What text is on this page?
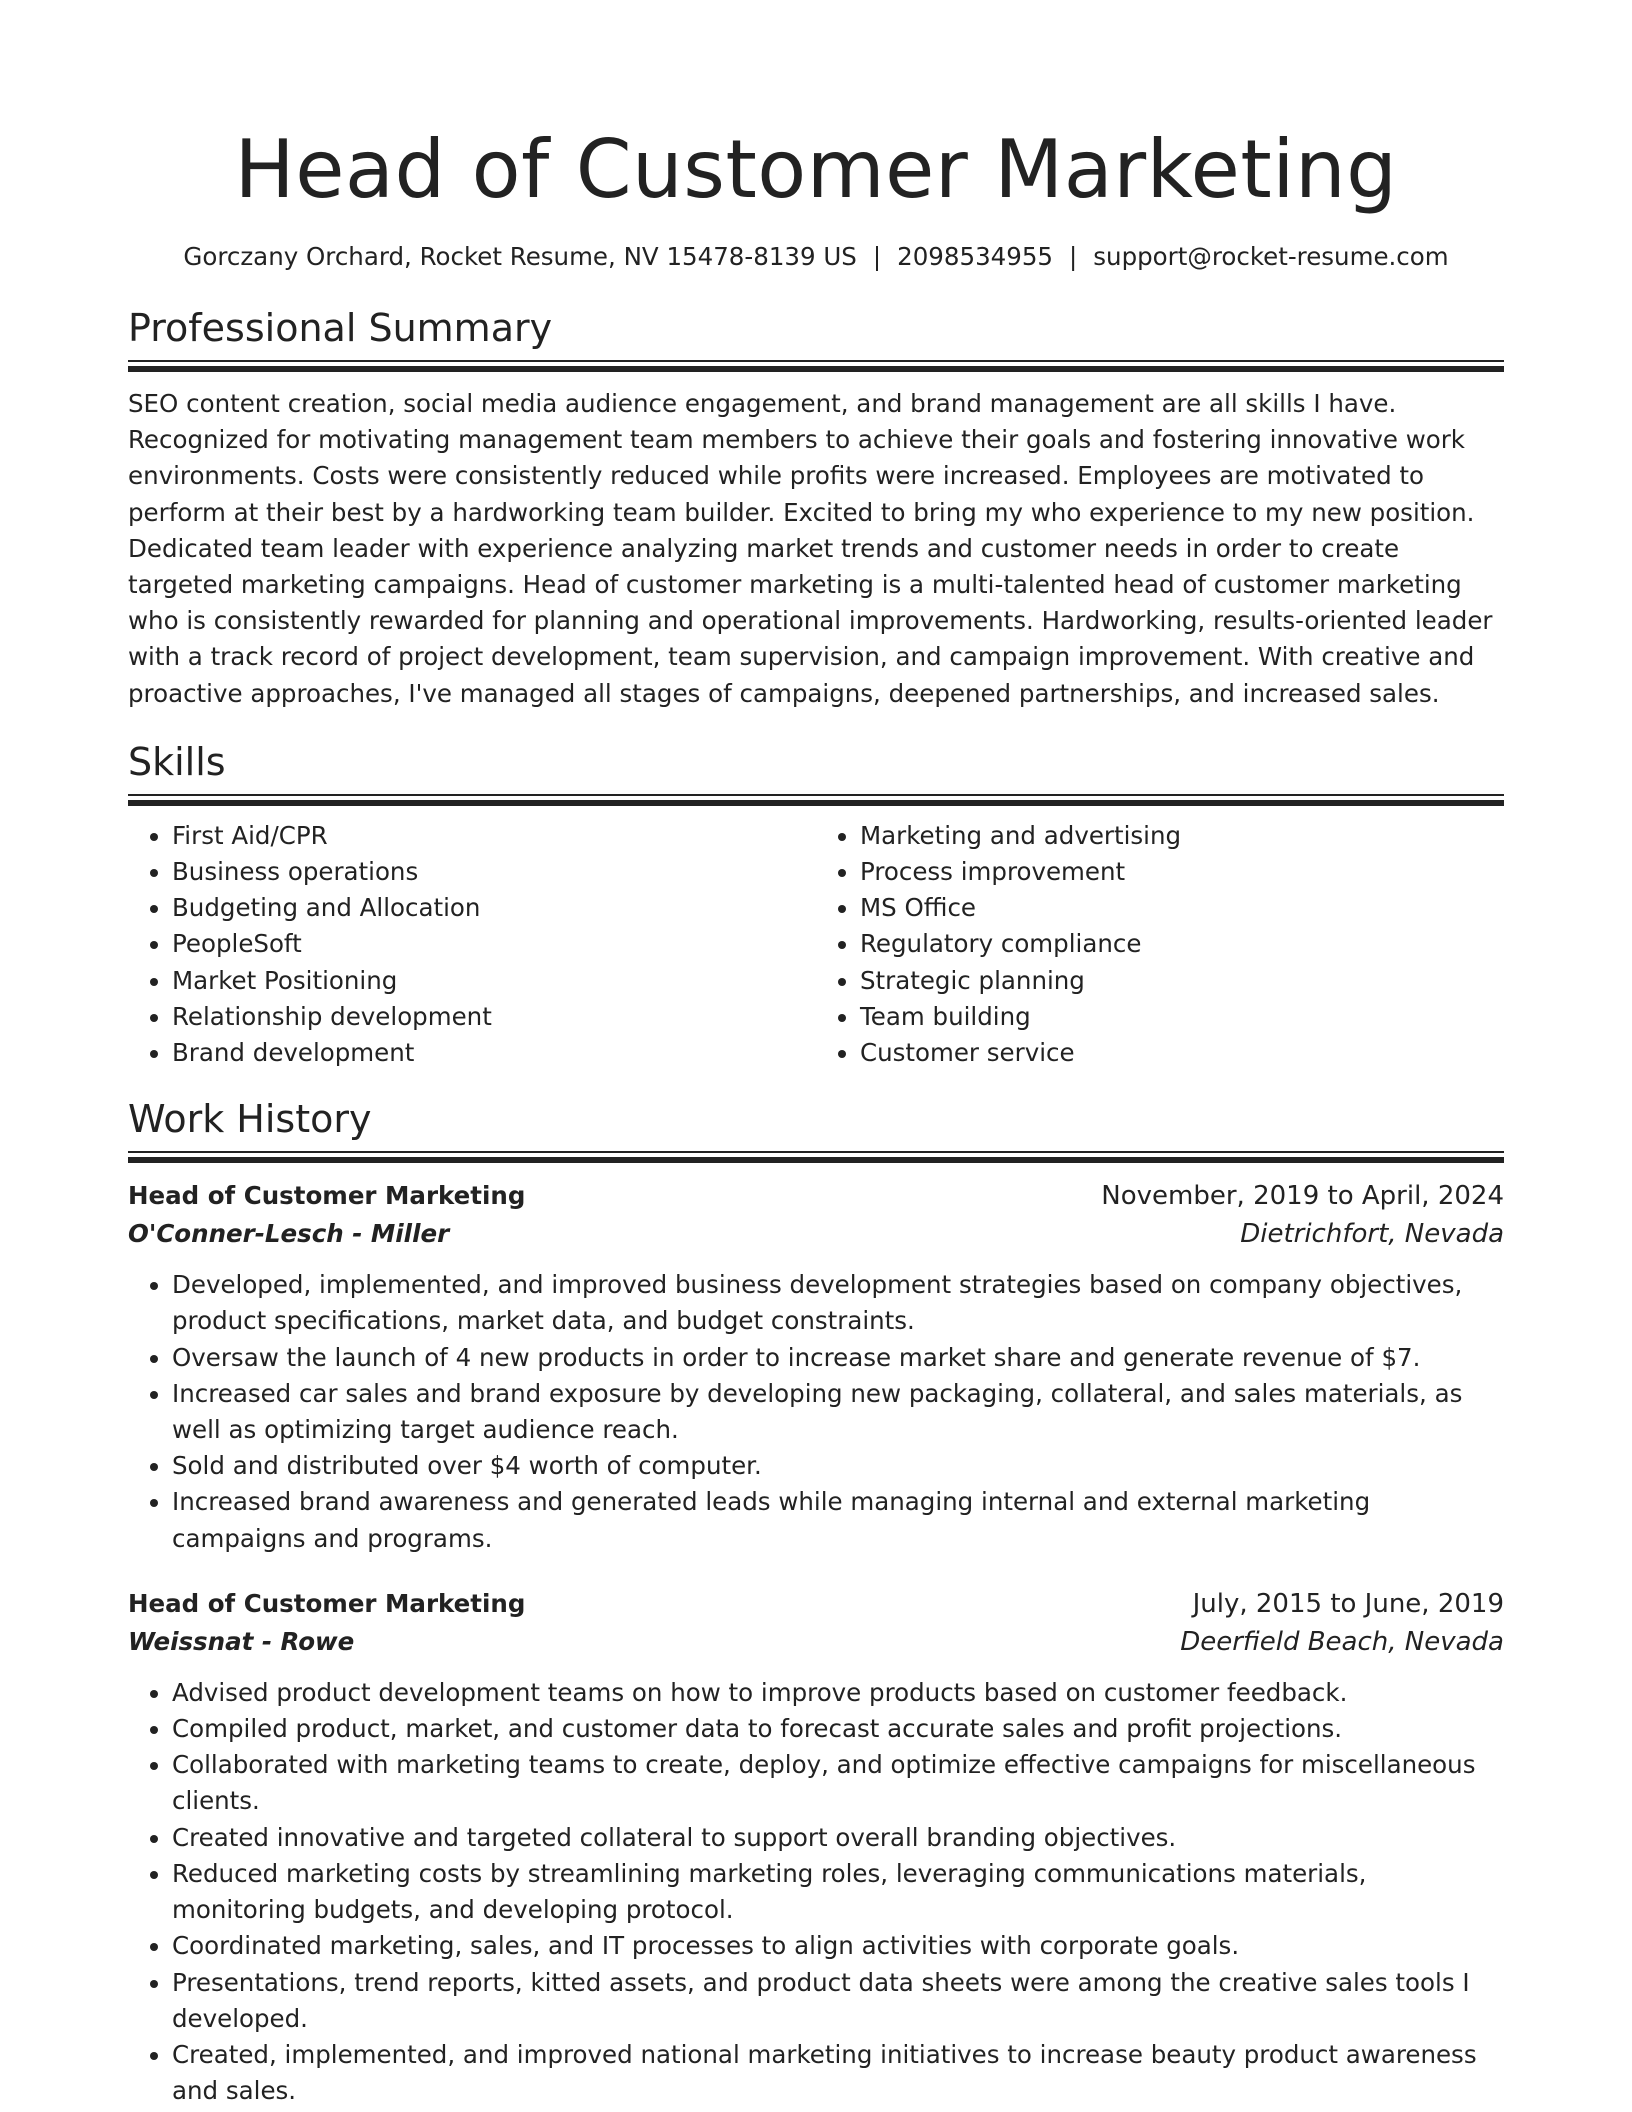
Head of Customer Marketing
Gorczany Orchard, Rocket Resume, NV 15478-8139 US | 2098534955 | support@rocket-resume.com
Professional Summary

SEO content creation, social media audience engagement, and brand management are all skills I have. Recognized for motivating management team members to achieve their goals and fostering innovative work environments. Costs were consistently reduced while profits were increased. Employees are motivated to perform at their best by a hardworking team builder. Excited to bring my who experience to my new position. Dedicated team leader with experience analyzing market trends and customer needs in order to create targeted marketing campaigns. Head of customer marketing is a multi-talented head of customer marketing who is consistently rewarded for planning and operational improvements. Hardworking, results-oriented leader with a track record of project development, team supervision, and campaign improvement. With creative and proactive approaches, I've managed all stages of campaigns, deepened partnerships, and increased sales.

Skills
• First Aid/CPR
• Business operations
• Budgeting and Allocation
• PeopleSoft
• Market Positioning
• Relationship development
• Brand development
• Marketing and advertising
• Process improvement
• MS Office
• Regulatory compliance
• Strategic planning
• Team building
• Customer service
Work History
Head of Customer Marketing	November, 2019 to April, 2024
O'Conner-Lesch - Miller	Dietrichfort, Nevada
• Developed, implemented, and improved business development strategies based on company objectives, product specifications, market data, and budget constraints.
• Oversaw the launch of 4 new products in order to increase market share and generate revenue of $7.
• Increased car sales and brand exposure by developing new packaging, collateral, and sales materials, as well as optimizing target audience reach.
• Sold and distributed over $4 worth of computer.
• Increased brand awareness and generated leads while managing internal and external marketing campaigns and programs.
Head of Customer Marketing	July, 2015 to June, 2019
Weissnat - Rowe	Deerfield Beach, Nevada
• Advised product development teams on how to improve products based on customer feedback.
• Compiled product, market, and customer data to forecast accurate sales and profit projections.
• Collaborated with marketing teams to create, deploy, and optimize effective campaigns for miscellaneous clients.
• Created innovative and targeted collateral to support overall branding objectives.
• Reduced marketing costs by streamlining marketing roles, leveraging communications materials, monitoring budgets, and developing protocol.
• Coordinated marketing, sales, and IT processes to align activities with corporate goals.
• Presentations, trend reports, kitted assets, and product data sheets were among the creative sales tools I developed.
• Created, implemented, and improved national marketing initiatives to increase beauty product awareness and sales.
